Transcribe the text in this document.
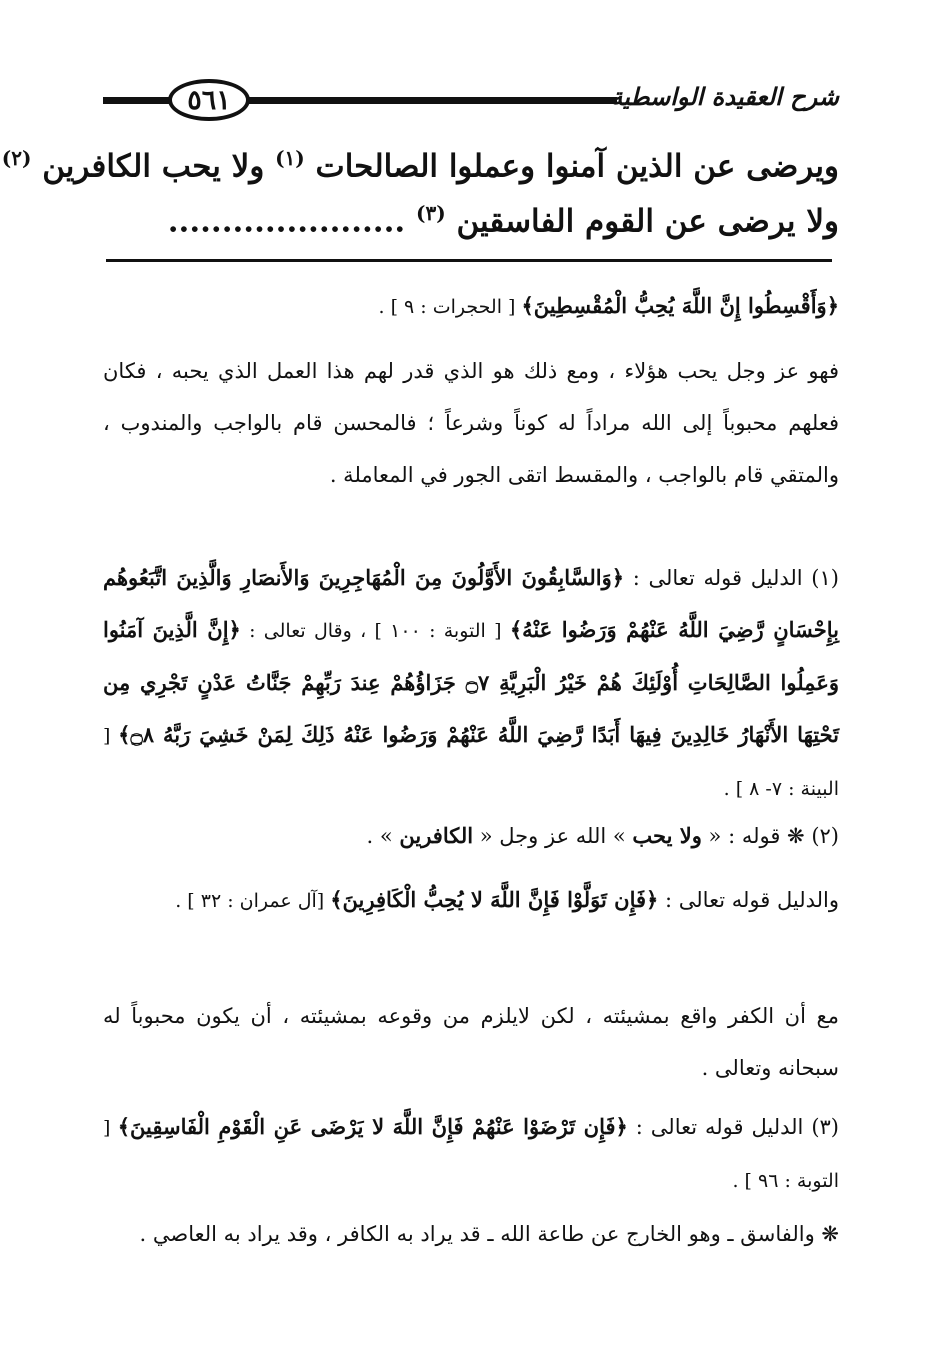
٥٦١	شرح العقيدة الواسطية
ويرضى عن الذين آمنوا وعملوا الصالحات $^{(١)}$ ولا يحب الكافرين $^{(٢)}$
ولا يرضى عن القوم الفاسقين $^{(٣)}$ ......................
﴿وَأَقْسِطُوا إِنَّ اللَّهَ يُحِبُّ الْمُقْسِطِينَ﴾ [ الحجرات : ٩ ] .
فهو عز وجل يحب هؤلاء ، ومع ذلك هو الذي قدر لهم هذا العمل الذي يحبه ، فكان فعلهم محبوباً إلى الله مراداً له كوناً وشرعاً ؛ فالمحسن قام بالواجب والمندوب ، والمتقي قام بالواجب ، والمقسط اتقى الجور في المعاملة .
(١) الدليل قوله تعالى : ﴿وَالسَّابِقُونَ الأَوَّلُونَ مِنَ الْمُهَاجِرِينَ وَالأَنصَارِ وَالَّذِينَ اتَّبَعُوهُم بِإِحْسَانٍ رَّضِيَ اللَّهُ عَنْهُمْ وَرَضُوا عَنْهُ﴾ [ التوبة : ١٠٠ ] ، وقال تعالى : ﴿إِنَّ الَّذِينَ آمَنُوا وَعَمِلُوا الصَّالِحَاتِ أُوْلَئِكَ هُمْ خَيْرُ الْبَرِيَّةِ ۝٧ جَزَاؤُهُمْ عِندَ رَبِّهِمْ جَنَّاتُ عَدْنٍ تَجْرِي مِن تَحْتِهَا الأَنْهَارُ خَالِدِينَ فِيهَا أَبَدًا رَّضِيَ اللَّهُ عَنْهُمْ وَرَضُوا عَنْهُ ذَلِكَ لِمَنْ خَشِيَ رَبَّهُ ۝٨﴾ [ البينة : ٧- ٨ ] .
(٢) ❋ قوله : « ولا يحب » الله عز وجل « الكافرين » .
والدليل قوله تعالى : ﴿فَإِن تَوَلَّوْا فَإِنَّ اللَّهَ لا يُحِبُّ الْكَافِرِينَ﴾ [آل عمران : ٣٢ ] .
مع أن الكفر واقع بمشيئته ، لكن لايلزم من وقوعه بمشيئته ، أن يكون محبوباً له سبحانه وتعالى .
(٣) الدليل قوله تعالى : ﴿فَإِن تَرْضَوْا عَنْهُمْ فَإِنَّ اللَّهَ لا يَرْضَى عَنِ الْقَوْمِ الْفَاسِقِينَ﴾ [ التوبة : ٩٦ ] .
❋ والفاسق ـ وهو الخارج عن طاعة الله ـ قد يراد به الكافر ، وقد يراد به العاصي .
